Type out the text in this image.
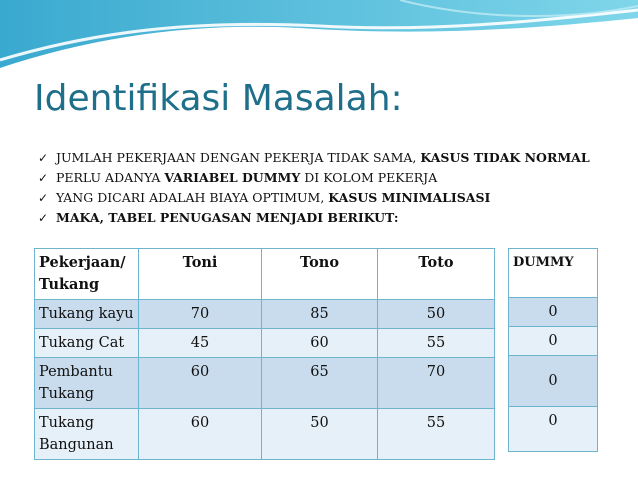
Identifikasi Masalah:
✓ JUMLAH PEKERJAAN DENGAN PEKERJA TIDAK SAMA, KASUS TIDAK NORMAL
✓ PERLU ADANYA VARIABEL DUMMY DI KOLOM PEKERJA
✓ YANG DICARI ADALAH BIAYA OPTIMUM, KASUS MINIMALISASI
✓ MAKA, TABEL PENUGASAN MENJADI BERIKUT:
Pekerjaan/ Tukang	Toni	Tono	Toto
Tukang kayu	70	85	50
Tukang Cat	45	60	55
Pembantu Tukang	60	65	70
Tukang Bangunan	60	50	55
DUMMY
0
0
0
0
